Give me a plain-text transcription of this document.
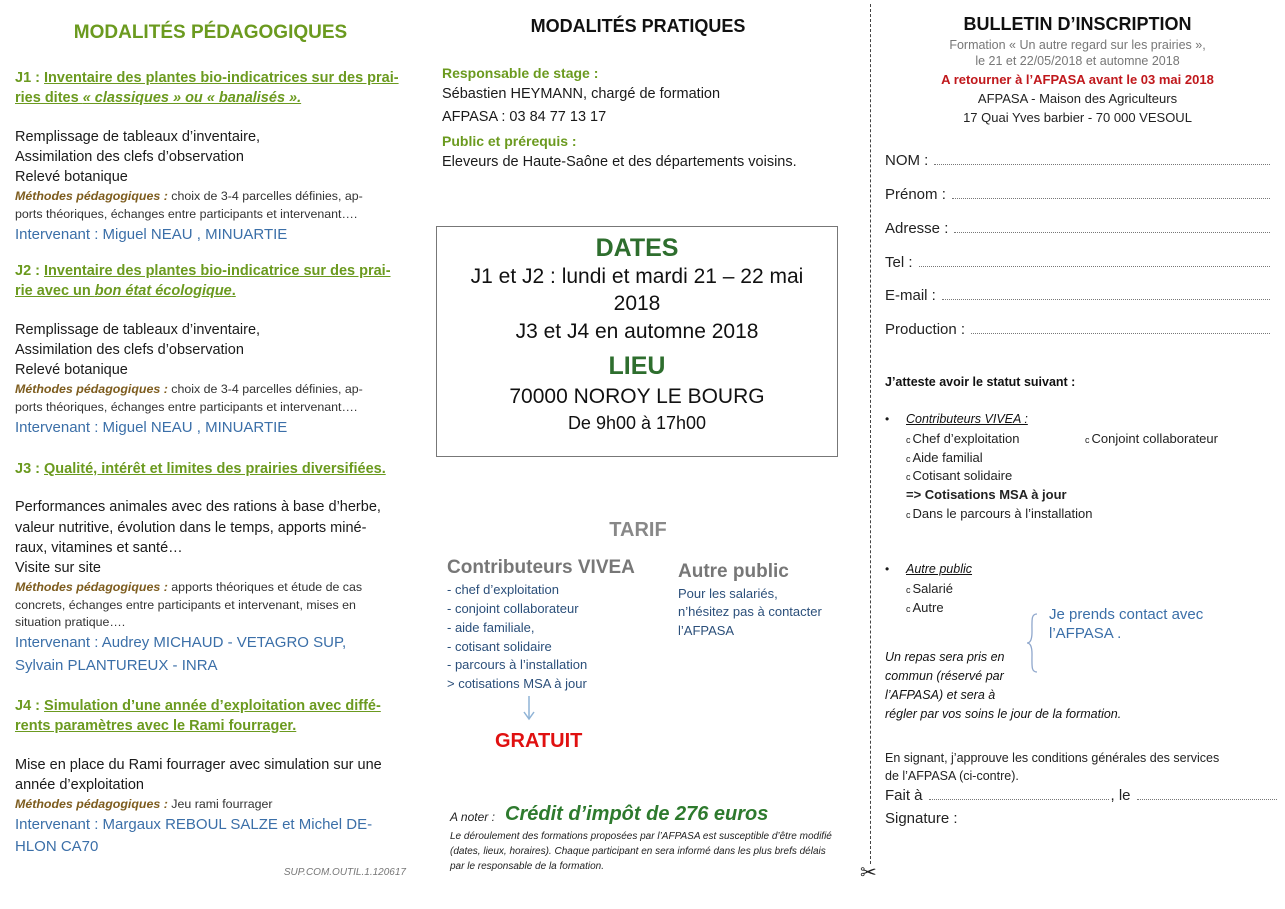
MODALITÉS PÉDAGOGIQUES
J1 : Inventaire des plantes bio-indicatrices sur des prai-
ries dites « classiques » ou « banalisés ».
Remplissage de tableaux d’inventaire,
Assimilation des clefs d’observation
Relevé botanique
Méthodes pédagogiques : choix de 3-4 parcelles définies, ap-
ports théoriques, échanges entre participants et intervenant….
Intervenant : Miguel NEAU , MINUARTIE
J2 : Inventaire des plantes bio-indicatrice sur des prai-
rie avec un bon état écologique.
Remplissage de tableaux d’inventaire,
Assimilation des clefs d’observation
Relevé botanique
Méthodes pédagogiques : choix de 3-4 parcelles définies, ap-
ports théoriques, échanges entre participants et intervenant….
Intervenant : Miguel NEAU , MINUARTIE
J3 : Qualité, intérêt et limites des prairies diversifiées.
Performances animales avec des rations à base d’herbe,
valeur nutritive, évolution dans le temps, apports miné-
raux, vitamines et santé…
Visite sur site
Méthodes pédagogiques : apports théoriques et étude de cas
concrets, échanges entre participants et intervenant, mises en
situation pratique….
Intervenant : Audrey MICHAUD - VETAGRO SUP,
Sylvain PLANTUREUX - INRA
J4 : Simulation d’une année d’exploitation avec diffé-
rents paramètres avec le Rami fourrager.
Mise en place du Rami fourrager avec simulation sur une
année d’exploitation
Méthodes pédagogiques : Jeu rami fourrager
Intervenant : Margaux REBOUL SALZE et Michel DE-
HLON CA70
SUP.COM.OUTIL.1.120617
MODALITÉS PRATIQUES
Responsable de stage :
Sébastien HEYMANN, chargé de formation
AFPASA : 03 84 77 13 17
Public et prérequis :
Eleveurs de Haute-Saône et des départements voisins.
DATES
J1 et J2 : lundi et mardi 21 – 22 mai
2018
J3 et J4 en automne 2018
LIEU
70000 NOROY LE BOURG
De 9h00 à 17h00
TARIF
Contributeurs VIVEA
- chef d’exploitation
- conjoint collaborateur
- aide familiale,
- cotisant solidaire
- parcours à l’installation
> cotisations MSA à jour
GRATUIT
Autre public
Pour les salariés,
n’hésitez pas à contacter
l’AFPASA
A noter : Crédit d’impôt de 276 euros
Le déroulement des formations proposées par l’AFPASA est susceptible d’être modifié (dates, lieux, horaires). Chaque participant en sera informé dans les plus brefs délais par le responsable de la formation.	✂
BULLETIN D’INSCRIPTION
Formation « Un autre regard sur les prairies »,
le 21 et 22/05/2018 et automne 2018
A retourner à l’AFPASA avant le 03 mai 2018
AFPASA - Maison des Agriculteurs
17 Quai Yves barbier - 70 000 VESOUL
NOM :
Prénom :
Adresse :
Tel :
E-mail :
Production :
J’atteste avoir le statut suivant :
• Contributeurs VIVEA :
c Chef d’exploitation	c Conjoint collaborateur
c Aide familial
c Cotisant solidaire
=> Cotisations MSA à jour
c Dans le parcours à l’installation
• Autre public
c Salarié
c Autre	Je prends contact avec
l’AFPASA .
Un repas sera pris en
commun (réservé par
l’AFPASA) et sera à
régler par vos soins le jour de la formation.
En signant, j’approuve les conditions générales des services
de l’AFPASA (ci-contre).
Fait à	, le
Signature :
